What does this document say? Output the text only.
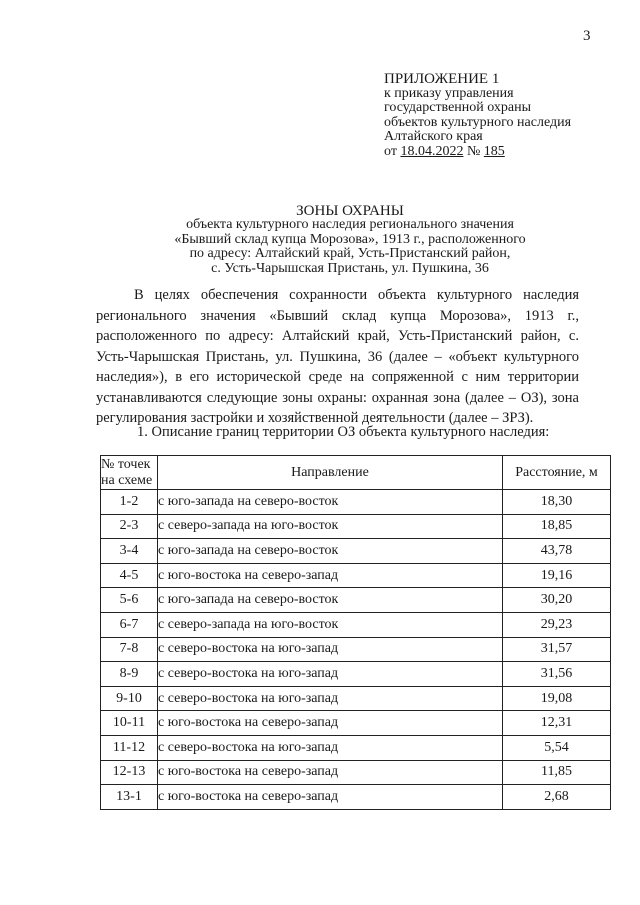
3
ПРИЛОЖЕНИЕ 1
к приказу управления
государственной охраны
объектов культурного наследия
Алтайского края
от 18.04.2022 № 185
ЗОНЫ ОХРАНЫ
объекта культурного наследия регионального значения
«Бывший склад купца Морозова», 1913 г., расположенного
по адресу: Алтайский край, Усть-Пристанский район,
с. Усть-Чарышская Пристань, ул. Пушкина, 36

В целях обеспечения сохранности объекта культурного наследия регионального значения «Бывший склад купца Морозова», 1913 г., расположенного по адресу: Алтайский край, Усть-Пристанский район, с. Усть-Чарышская Пристань, ул. Пушкина, 36 (далее – «объект культурного наследия»), в его исторической среде на сопряженной с ним территории устанавливаются следующие зоны охраны: охранная зона (далее – ОЗ), зона регулирования застройки и хозяйственной деятельности (далее – ЗРЗ).

1. Описание границ территории ОЗ объекта культурного наследия:
№ точек на схеме	Направление	Расстояние, м
1-2	с юго-запада на северо-восток	18,30
2-3	с северо-запада на юго-восток	18,85
3-4	с юго-запада на северо-восток	43,78
4-5	с юго-востока на северо-запад	19,16
5-6	с юго-запада на северо-восток	30,20
6-7	с северо-запада на юго-восток	29,23
7-8	с северо-востока на юго-запад	31,57
8-9	с северо-востока на юго-запад	31,56
9-10	с северо-востока на юго-запад	19,08
10-11	с юго-востока на северо-запад	12,31
11-12	с северо-востока на юго-запад	5,54
12-13	с юго-востока на северо-запад	11,85
13-1	с юго-востока на северо-запад	2,68
